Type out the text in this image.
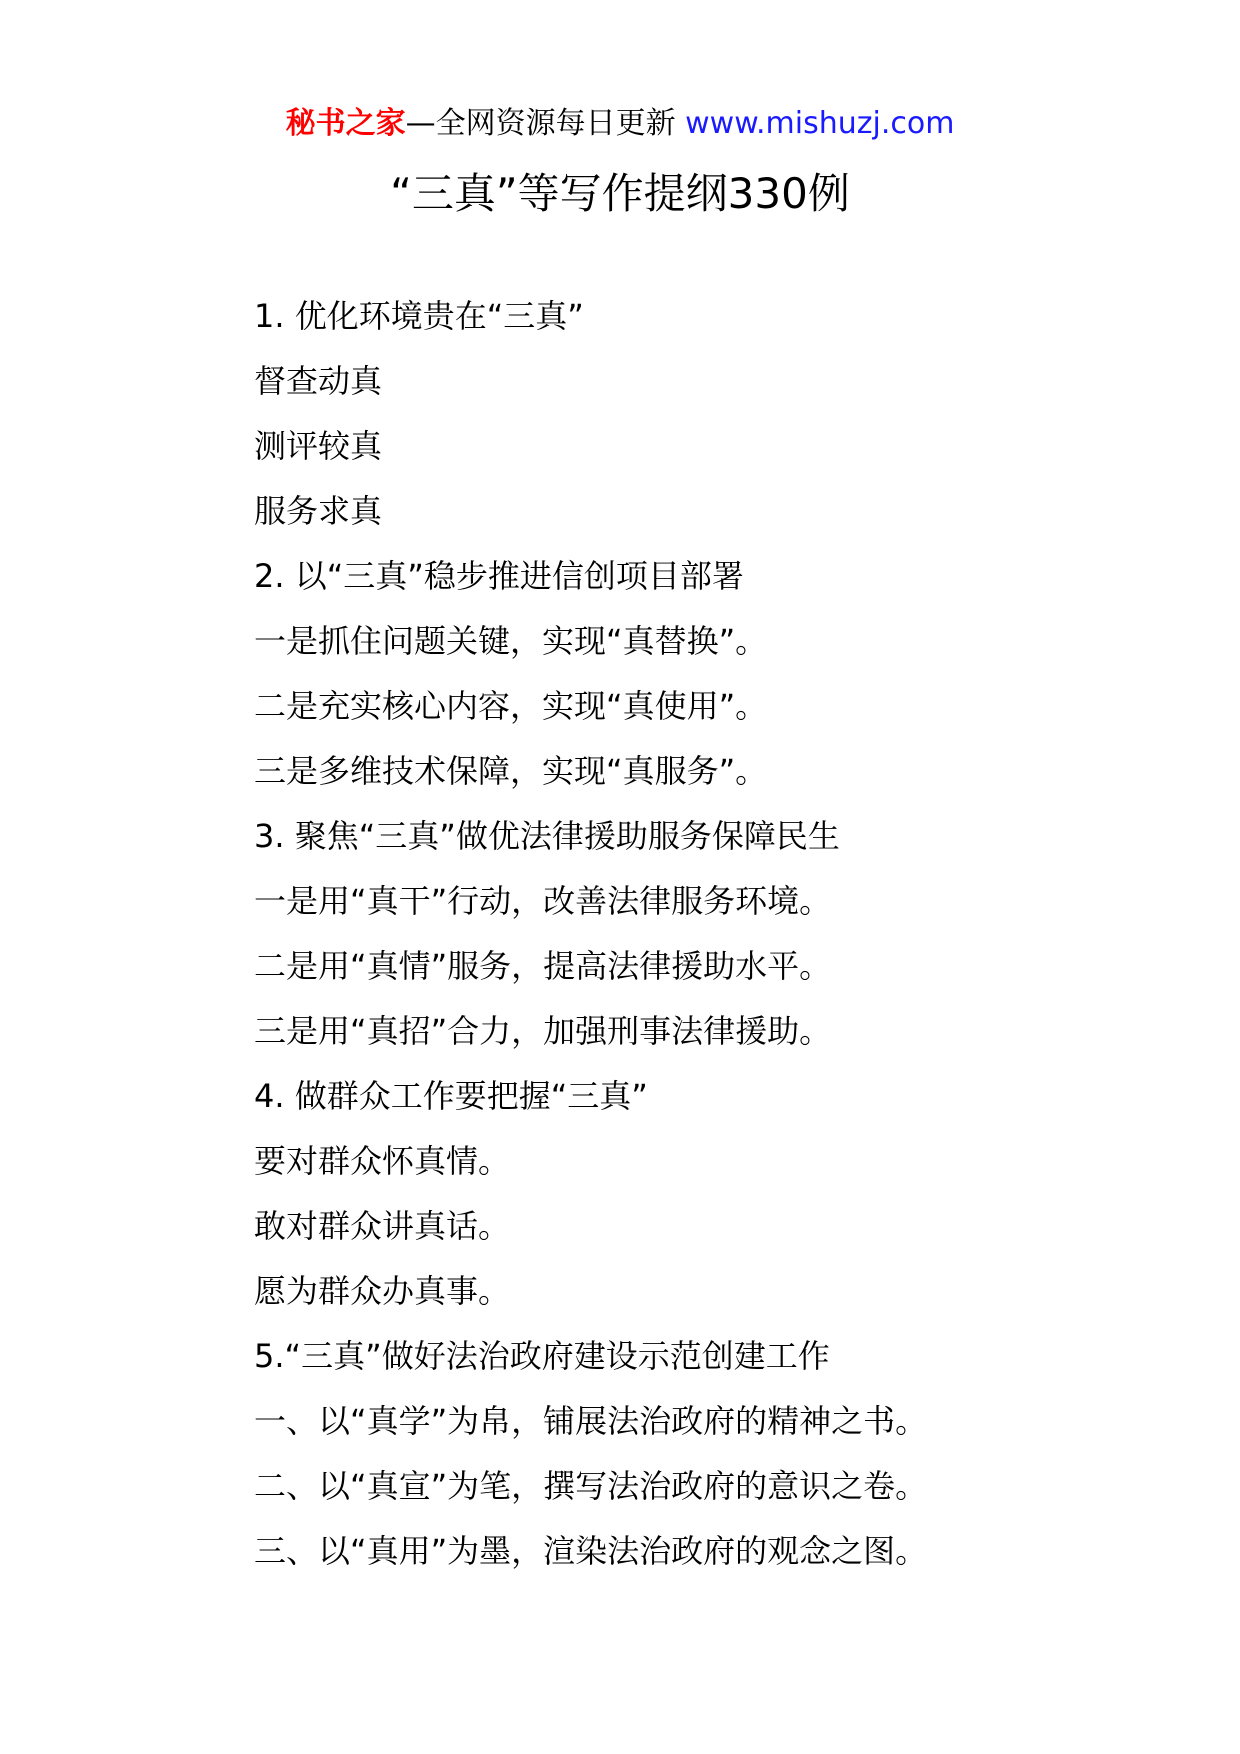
秘书之家—全网资源每日更新 www.mishuzj.com
“三真”等写作提纲330例
1. 优化环境贵在“三真”
督查动真
测评较真
服务求真
2. 以“三真”稳步推进信创项目部署
一是抓住问题关键，实现“真替换”。
二是充实核心内容，实现“真使用”。
三是多维技术保障，实现“真服务”。
3. 聚焦“三真”做优法律援助服务保障民生
一是用“真干”行动，改善法律服务环境。
二是用“真情”服务，提高法律援助水平。
三是用“真招”合力，加强刑事法律援助。
4. 做群众工作要把握“三真”
要对群众怀真情。
敢对群众讲真话。
愿为群众办真事。
5.“三真”做好法治政府建设示范创建工作
一、以“真学”为帛，铺展法治政府的精神之书。
二、以“真宣”为笔，撰写法治政府的意识之卷。
三、以“真用”为墨，渲染法治政府的观念之图。
